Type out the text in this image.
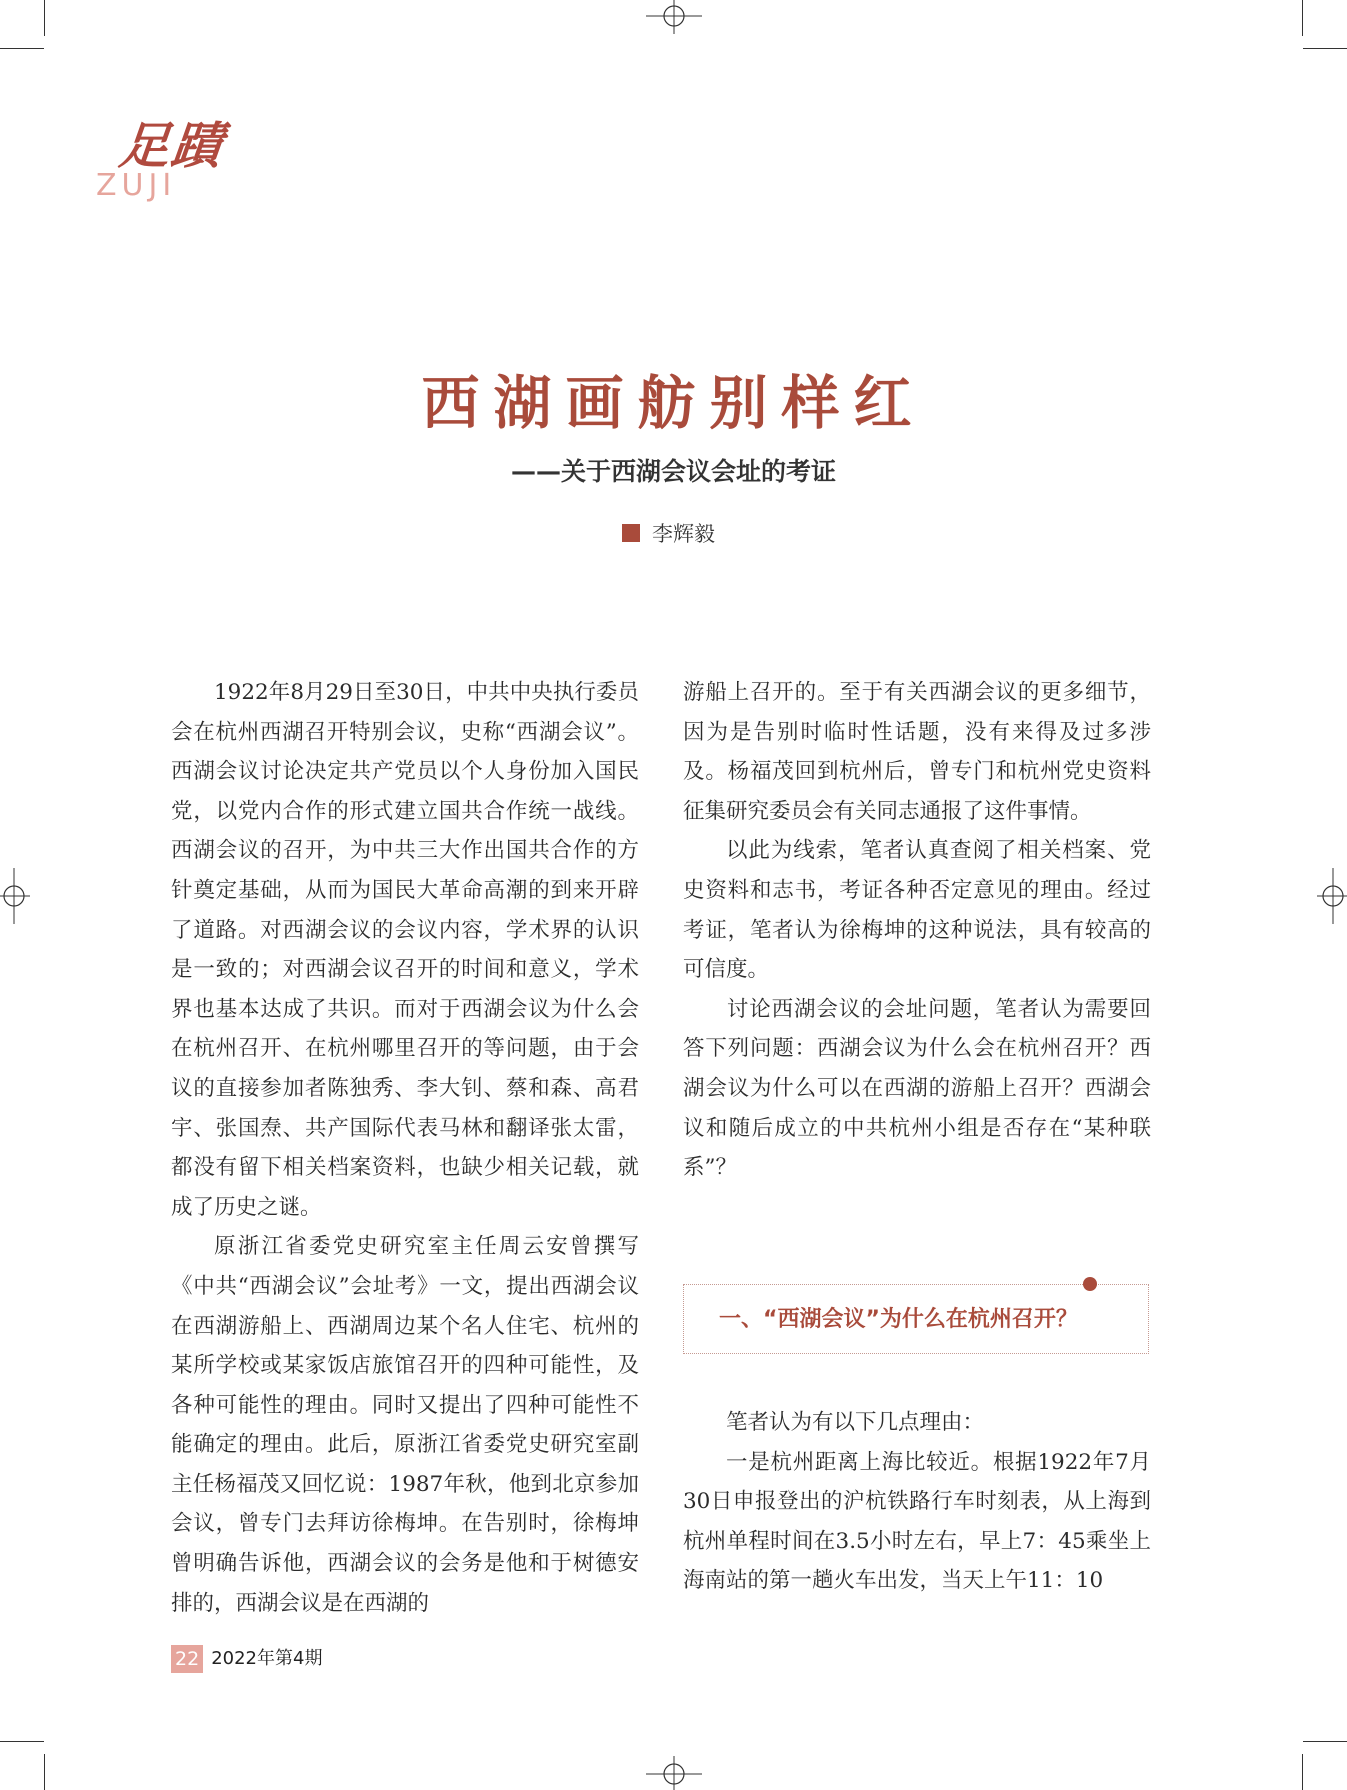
足蹟
ZUJI
西湖画舫别样红
——关于西湖会议会址的考证
李辉毅

1922年8月29日至30日，中共中央执行委员会在杭州西湖召开特别会议，史称“西湖会议”。西湖会议讨论决定共产党员以个人身份加入国民党，以党内合作的形式建立国共合作统一战线。西湖会议的召开，为中共三大作出国共合作的方针奠定基础，从而为国民大革命高潮的到来开辟了道路。对西湖会议的会议内容，学术界的认识是一致的；对西湖会议召开的时间和意义，学术界也基本达成了共识。而对于西湖会议为什么会在杭州召开、在杭州哪里召开的等问题，由于会议的直接参加者陈独秀、李大钊、蔡和森、高君宇、张国焘、共产国际代表马林和翻译张太雷，都没有留下相关档案资料，也缺少相关记载，就成了历史之谜。

原浙江省委党史研究室主任周云安曾撰写《中共“西湖会议”会址考》一文，提出西湖会议在西湖游船上、西湖周边某个名人住宅、杭州的某所学校或某家饭店旅馆召开的四种可能性，及各种可能性的理由。同时又提出了四种可能性不能确定的理由。此后，原浙江省委党史研究室副主任杨福茂又回忆说：1987年秋，他到北京参加会议，曾专门去拜访徐梅坤。在告别时，徐梅坤曾明确告诉他，西湖会议的会务是他和于树德安排的，西湖会议是在西湖的

游船上召开的。至于有关西湖会议的更多细节，因为是告别时临时性话题，没有来得及过多涉及。杨福茂回到杭州后，曾专门和杭州党史资料征集研究委员会有关同志通报了这件事情。

以此为线索，笔者认真查阅了相关档案、党史资料和志书，考证各种否定意见的理由。经过考证，笔者认为徐梅坤的这种说法，具有较高的可信度。

讨论西湖会议的会址问题，笔者认为需要回答下列问题：西湖会议为什么会在杭州召开？西湖会议为什么可以在西湖的游船上召开？西湖会议和随后成立的中共杭州小组是否存在“某种联系”？

一、“西湖会议”为什么在杭州召开？

笔者认为有以下几点理由：

一是杭州距离上海比较近。根据1922年7月30日申报登出的沪杭铁路行车时刻表，从上海到杭州单程时间在3.5小时左右，早上7：45乘坐上海南站的第一趟火车出发，当天上午11：10

22 2022年第4期
